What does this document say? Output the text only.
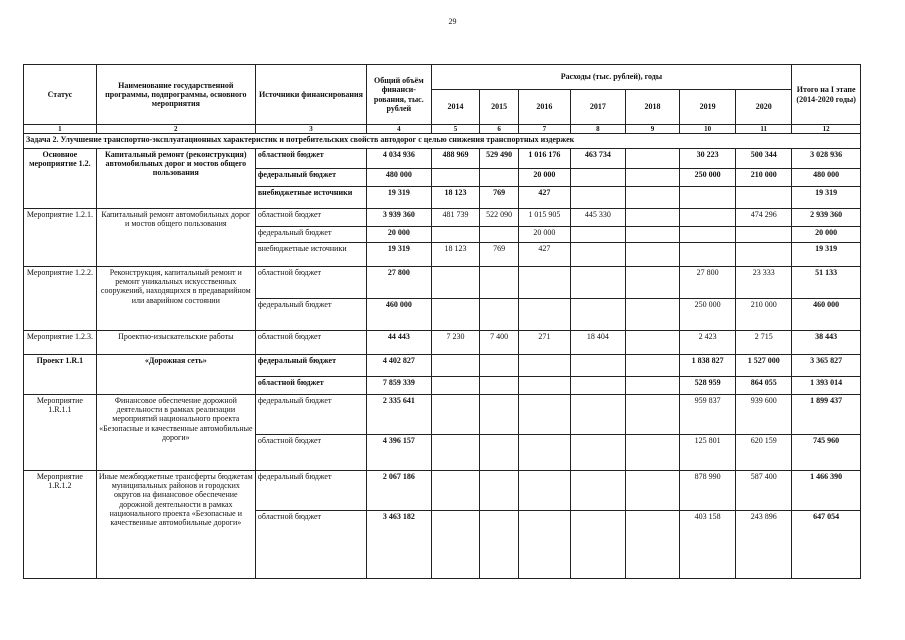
29
Статус	Наименование государственной программы, подпрограммы, основного мероприятия	Источники финансирования	Общий объём финанси-рования, тыс. рублей	Расходы (тыс. рублей), годы							Итого на I этапе (2014-2020 годы)
				2014	2015	2016	2017	2018	2019	2020	
1	2	3	4	5	6	7	8	9	10	11	12
Задача 2. Улучшение транспортно-эксплуатационных характеристик и потребительских свойств автодорог с целью снижения транспортных издержек											
Основное мероприятие 1.2.	Капитальный ремонт (реконструкция) автомобильных дорог и мостов общего пользования	областной бюджет	4 034 936	488 969	529 490	1 016 176	463 734		30 223	500 344	3 028 936
		федеральный бюджет	480 000			20 000			250 000	210 000	480 000
		внебюджетные источники	19 319	18 123	769	427					19 319
Мероприятие 1.2.1.	Капитальный ремонт автомобильных дорог и мостов общего пользования	областной бюджет	3 939 360	481 739	522 090	1 015 905	445 330			474 296	2 939 360
		федеральный бюджет	20 000			20 000					20 000
		внебюджетные источники	19 319	18 123	769	427					19 319
Мероприятие 1.2.2.	Реконструкция, капитальный ремонт и ремонт уникальных искусственных сооружений, находящихся в предаварийном или аварийном состоянии	областной бюджет	27 800						27 800	23 333	51 133
		федеральный бюджет	460 000						250 000	210 000	460 000
Мероприятие 1.2.3.	Проектно-изыскательские работы	областной бюджет	44 443	7 230	7 400	271	18 404		2 423	2 715	38 443
Проект 1.R.1	«Дорожная сеть»	федеральный бюджет	4 402 827						1 838 827	1 527 000	3 365 827
		областной бюджет	7 859 339						528 959	864 055	1 393 014
Мероприятие 1.R.1.1	Финансовое обеспечение дорожной деятельности в рамках реализации мероприятий национального проекта «Безопасные и качественные автомобильные дороги»	федеральный бюджет	2 335 641						959 837	939 600	1 899 437
		областной бюджет	4 396 157						125 801	620 159	745 960
Мероприятие 1.R.1.2	Иные межбюджетные трансферты бюджетам муниципальных районов и городских округов на финансовое обеспечение дорожной деятельности в рамках национального проекта «Безопасные и качественные автомобильные дороги»	федеральный бюджет	2 067 186						878 990	587 400	1 466 390
		областной бюджет	3 463 182						403 158	243 896	647 054
